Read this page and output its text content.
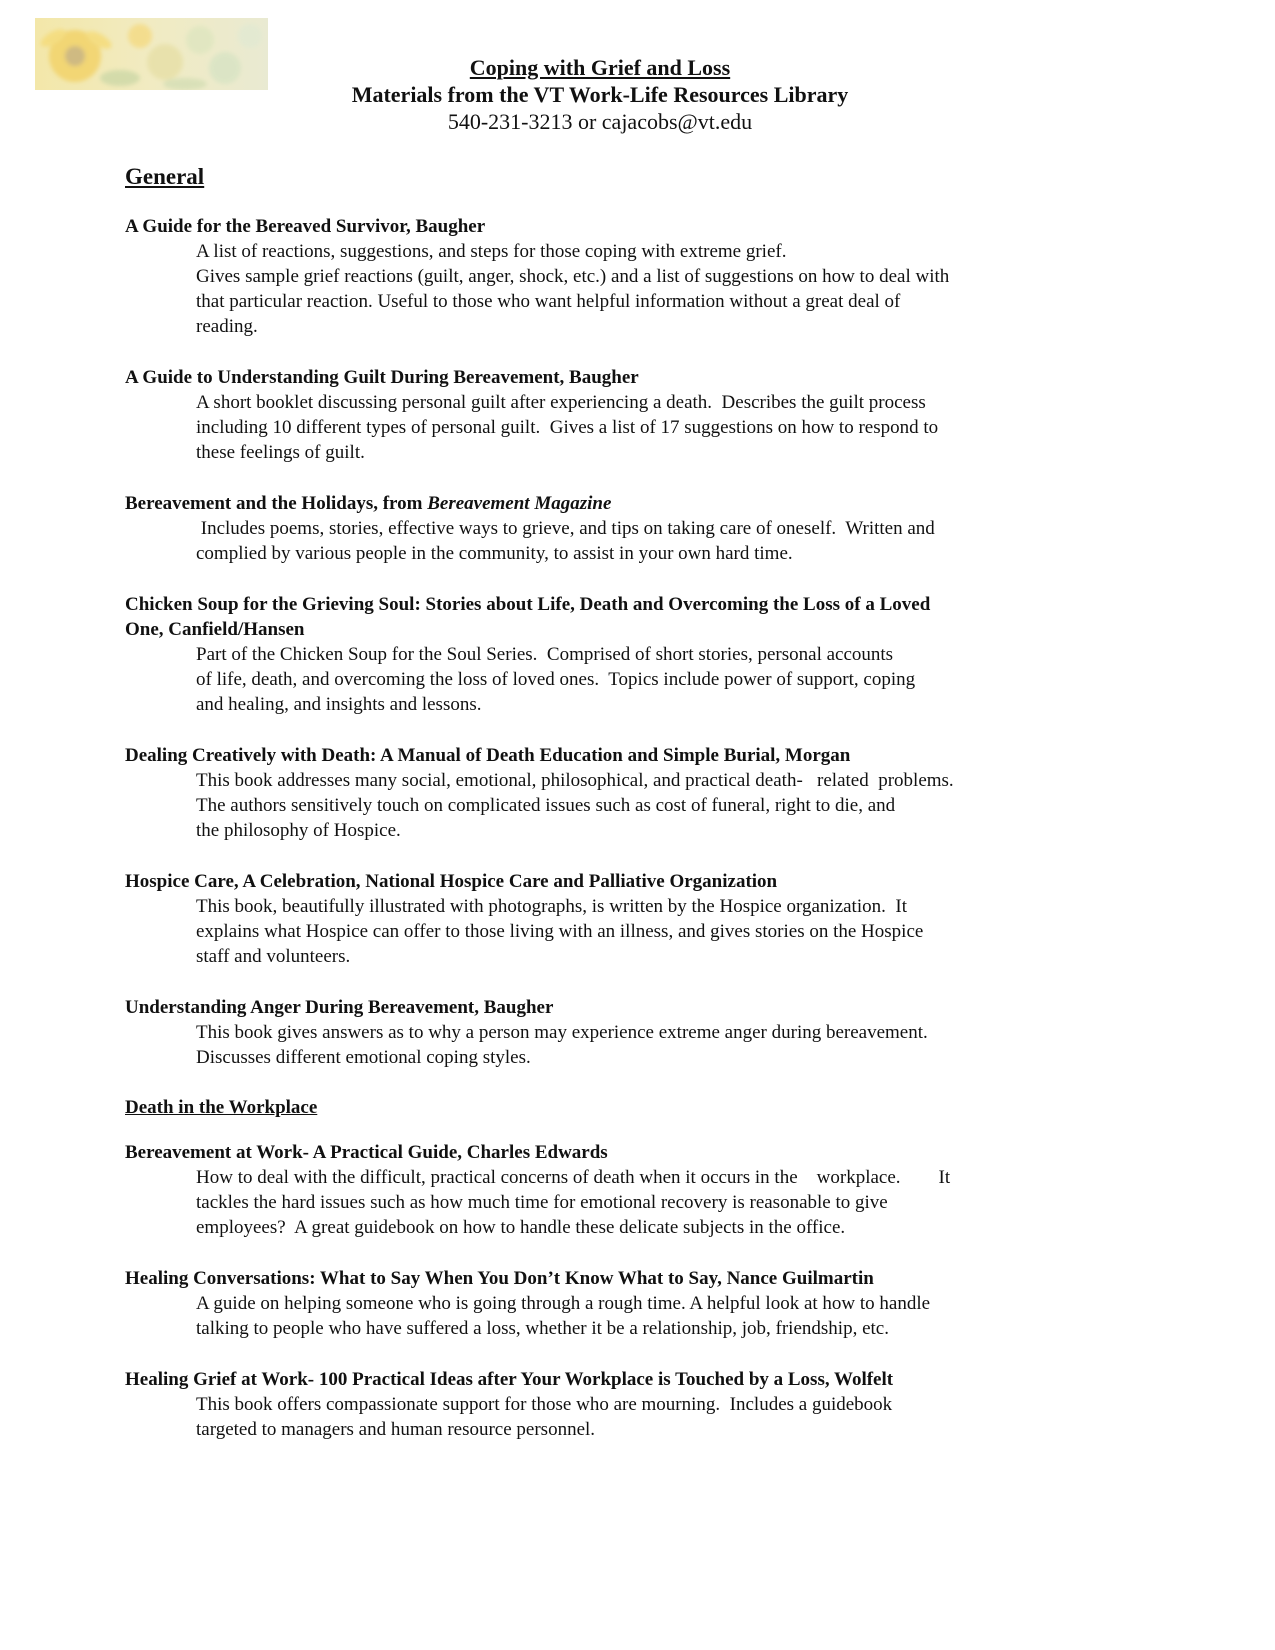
Coping with Grief and Loss
Materials from the VT Work-Life Resources Library
540-231-3213 or cajacobs@vt.edu
General

A Guide for the Bereaved Survivor, Baugher

A list of reactions, suggestions, and steps for those coping with extreme grief.
Gives sample grief reactions (guilt, anger, shock, etc.) and a list of suggestions on how to deal with
that particular reaction. Useful to those who want helpful information without a great deal of
reading.

A Guide to Understanding Guilt During Bereavement, Baugher

A short booklet discussing personal guilt after experiencing a death.  Describes the guilt process
including 10 different types of personal guilt.  Gives a list of 17 suggestions on how to respond to
these feelings of guilt.

Bereavement and the Holidays, from Bereavement Magazine

Includes poems, stories, effective ways to grieve, and tips on taking care of oneself.  Written and
complied by various people in the community, to assist in your own hard time.

Chicken Soup for the Grieving Soul: Stories about Life, Death and Overcoming the Loss of a Loved
One, Canfield/Hansen

Part of the Chicken Soup for the Soul Series.  Comprised of short stories, personal accounts
of life, death, and overcoming the loss of loved ones.  Topics include power of support, coping
and healing, and insights and lessons.

Dealing Creatively with Death: A Manual of Death Education and Simple Burial, Morgan

This book addresses many social, emotional, philosophical, and practical death-   related  problems.
The authors sensitively touch on complicated issues such as cost of funeral, right to die, and
the philosophy of Hospice.

Hospice Care, A Celebration, National Hospice Care and Palliative Organization

This book, beautifully illustrated with photographs, is written by the Hospice organization.  It
explains what Hospice can offer to those living with an illness, and gives stories on the Hospice
staff and volunteers.

Understanding Anger During Bereavement, Baugher

This book gives answers as to why a person may experience extreme anger during bereavement.
Discusses different emotional coping styles.
Death in the Workplace

Bereavement at Work- A Practical Guide, Charles Edwards

How to deal with the difficult, practical concerns of death when it occurs in the    workplace.        It
tackles the hard issues such as how much time for emotional recovery is reasonable to give
employees?  A great guidebook on how to handle these delicate subjects in the office.

Healing Conversations: What to Say When You Don’t Know What to Say, Nance Guilmartin

A guide on helping someone who is going through a rough time. A helpful look at how to handle
talking to people who have suffered a loss, whether it be a relationship, job, friendship, etc.

Healing Grief at Work- 100 Practical Ideas after Your Workplace is Touched by a Loss, Wolfelt

This book offers compassionate support for those who are mourning.  Includes a guidebook
targeted to managers and human resource personnel.
